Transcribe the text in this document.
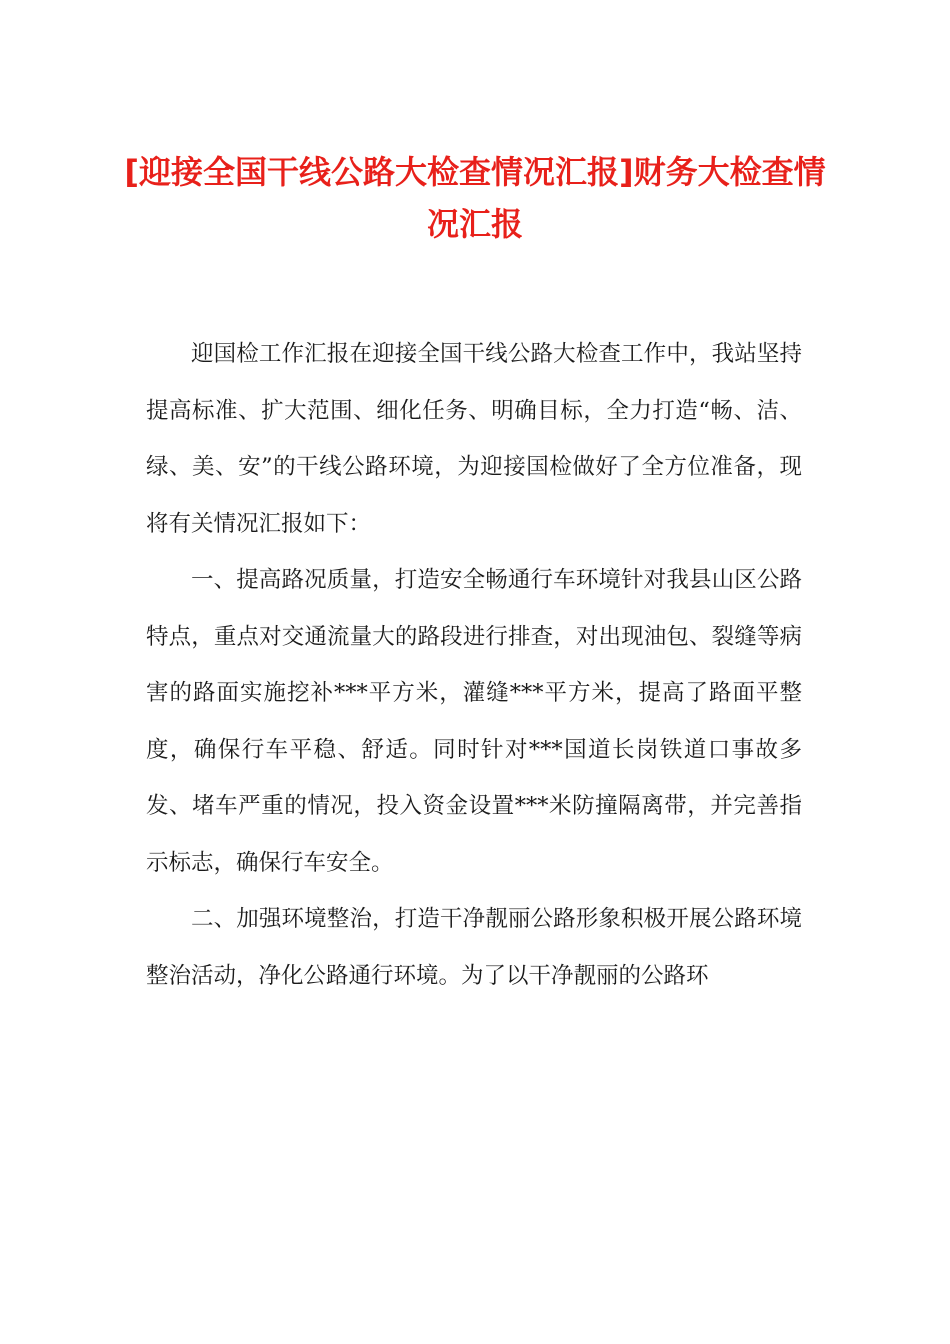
[迎接全国干线公路大检查情况汇报]财务大检查情况汇报

迎国检工作汇报在迎接全国干线公路大检查工作中，我站坚持提高标准、扩大范围、细化任务、明确目标，全力打造“畅、洁、绿、美、安”的干线公路环境，为迎接国检做好了全方位准备，现将有关情况汇报如下：

一、提高路况质量，打造安全畅通行车环境针对我县山区公路特点，重点对交通流量大的路段进行排查，对出现油包、裂缝等病害的路面实施挖补***平方米，灌缝***平方米，提高了路面平整度，确保行车平稳、舒适。同时针对***国道长岗铁道口事故多发、堵车严重的情况，投入资金设置***米防撞隔离带，并完善指示标志，确保行车安全。

二、加强环境整治，打造干净靓丽公路形象积极开展公路环境整治活动，净化公路通行环境。为了以干净靓丽的公路环
